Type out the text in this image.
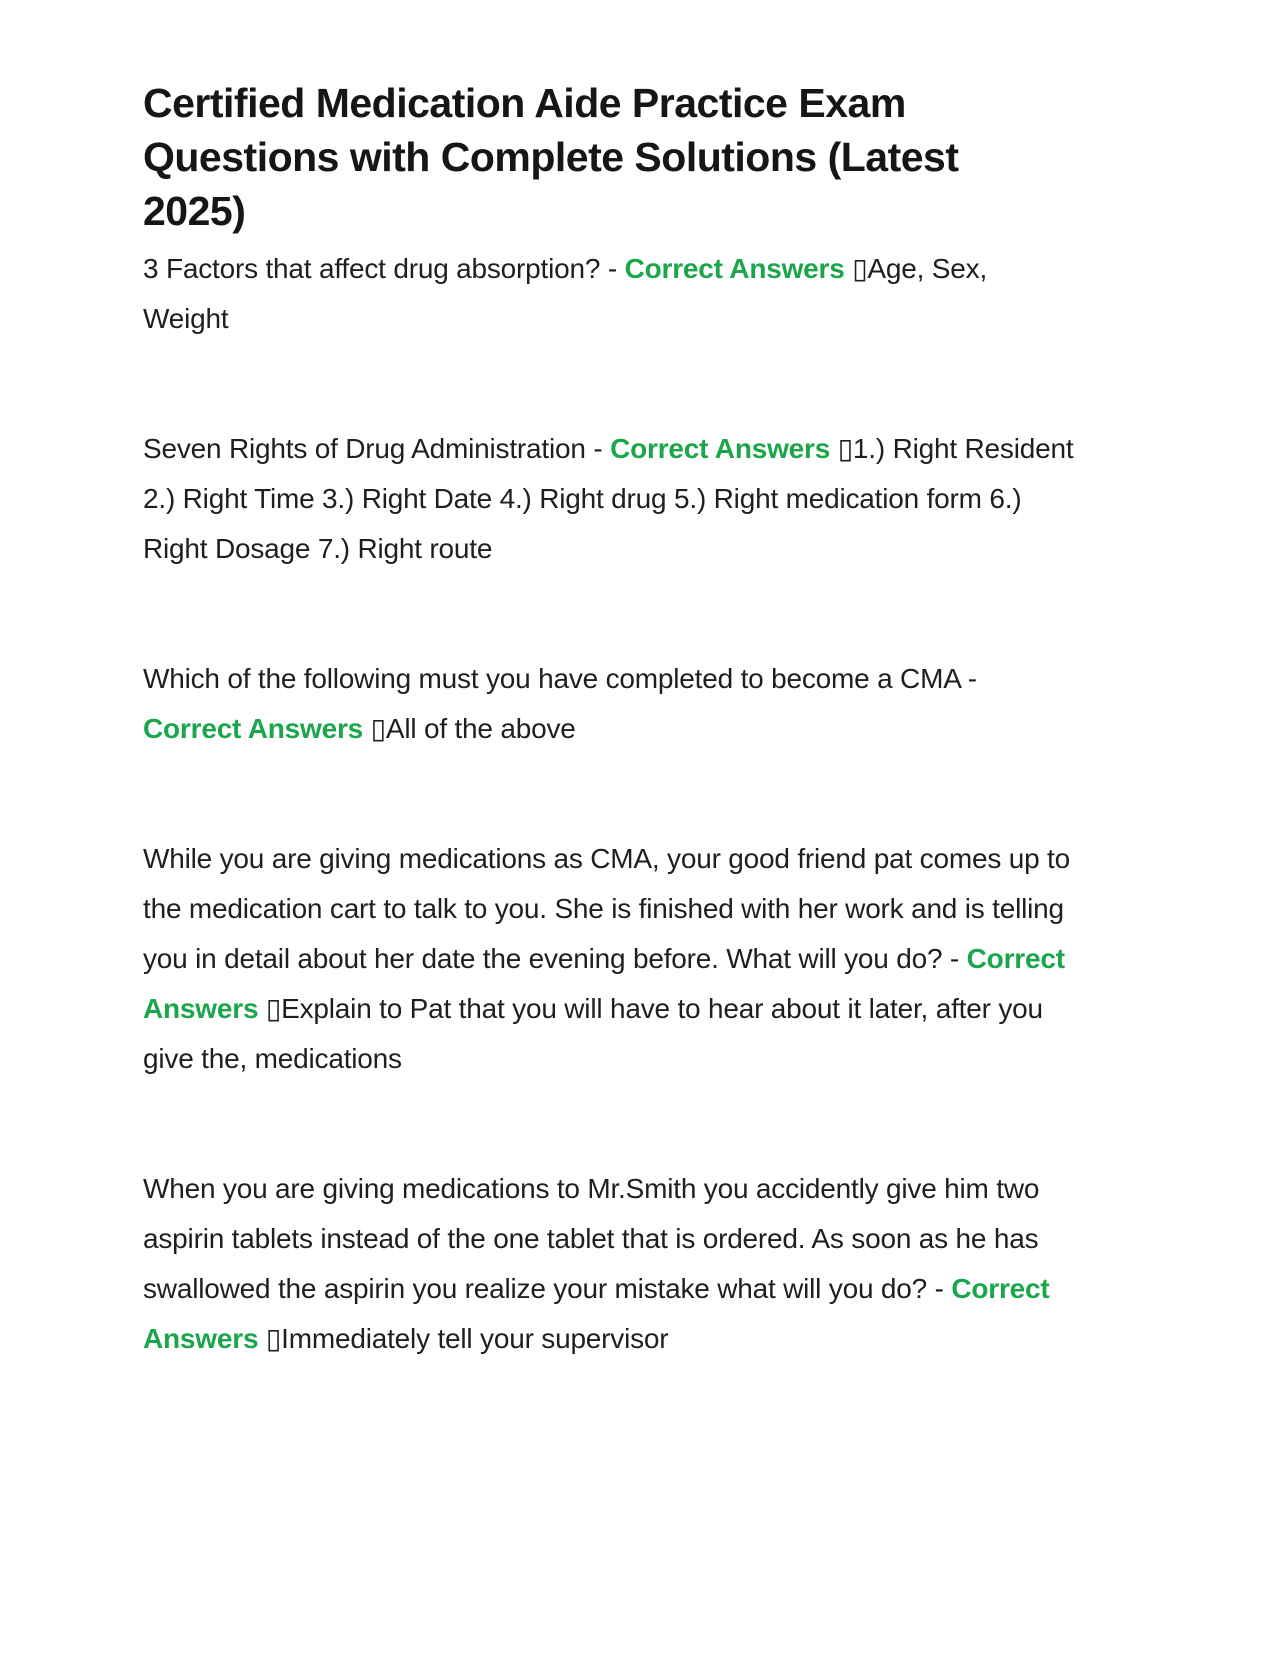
Certified Medication Aide Practice Exam Questions with Complete Solutions (Latest 2025)

3 Factors that affect drug absorption? - Correct Answers ▯Age, Sex, Weight

Seven Rights of Drug Administration - Correct Answers ▯1.) Right Resident 2.) Right Time 3.) Right Date 4.) Right drug 5.) Right medication form 6.) Right Dosage 7.) Right route

Which of the following must you have completed to become a CMA - Correct Answers ▯All of the above

While you are giving medications as CMA, your good friend pat comes up to the medication cart to talk to you. She is finished with her work and is telling you in detail about her date the evening before. What will you do? - Correct Answers ▯Explain to Pat that you will have to hear about it later, after you give the, medications

When you are giving medications to Mr.Smith you accidently give him two aspirin tablets instead of the one tablet that is ordered. As soon as he has swallowed the aspirin you realize your mistake what will you do? - Correct Answers ▯Immediately tell your supervisor
